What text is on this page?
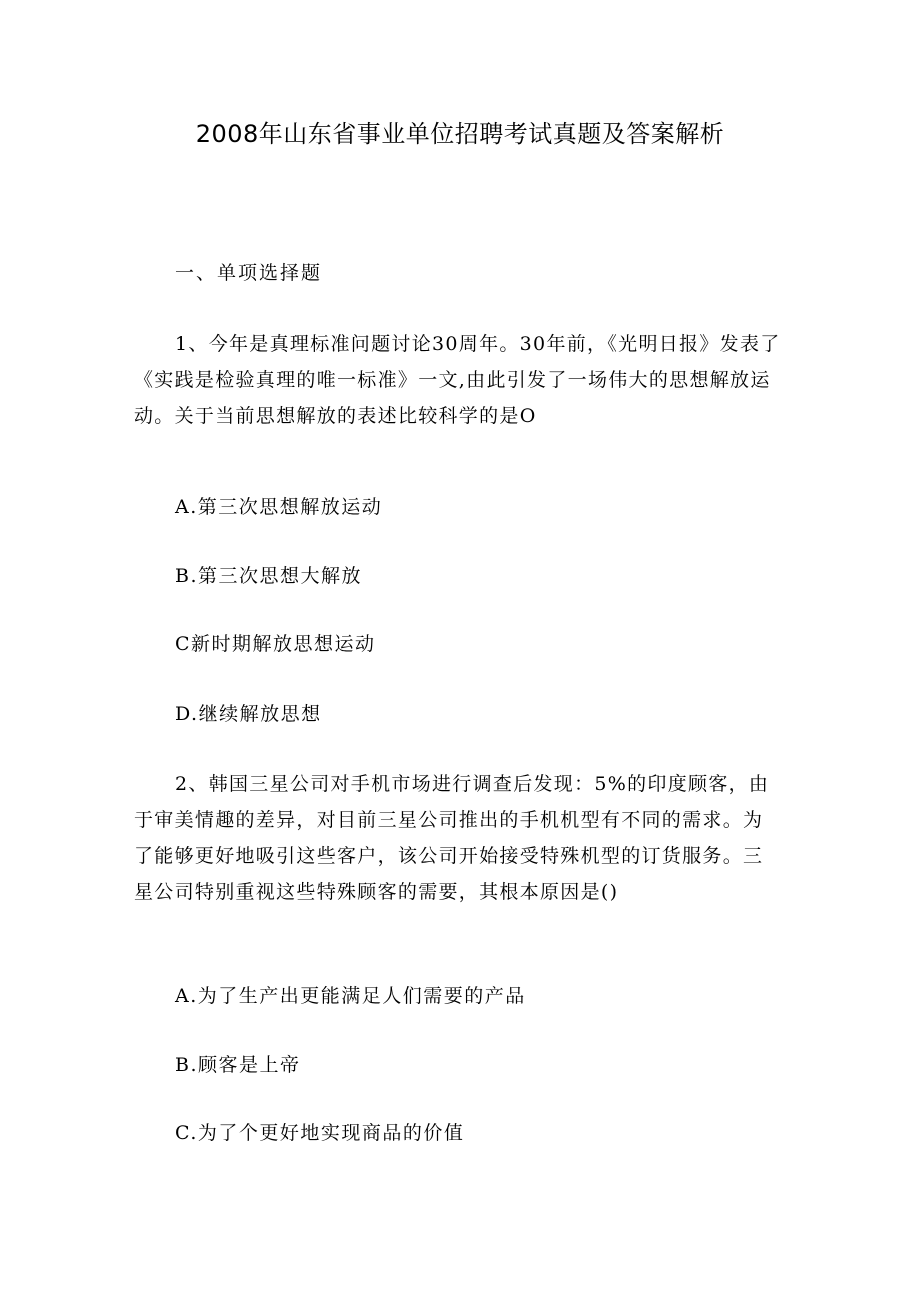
2008年山东省事业单位招聘考试真题及答案解析
一、单项选择题

1、今年是真理标准问题讨论30周年。30年前，《光明日报》发表了《实践是检验真理的唯一标准》一文,由此引发了一场伟大的思想解放运动。关于当前思想解放的表述比较科学的是O

A.第三次思想解放运动
B.第三次思想大解放
C新时期解放思想运动
D.继续解放思想

2、韩国三星公司对手机市场进行调查后发现：5%的印度顾客，由于审美情趣的差异，对目前三星公司推出的手机机型有不同的需求。为了能够更好地吸引这些客户，该公司开始接受特殊机型的订货服务。三星公司特别重视这些特殊顾客的需要，其根本原因是()

A.为了生产出更能满足人们需要的产品
B.顾客是上帝
C.为了个更好地实现商品的价值
